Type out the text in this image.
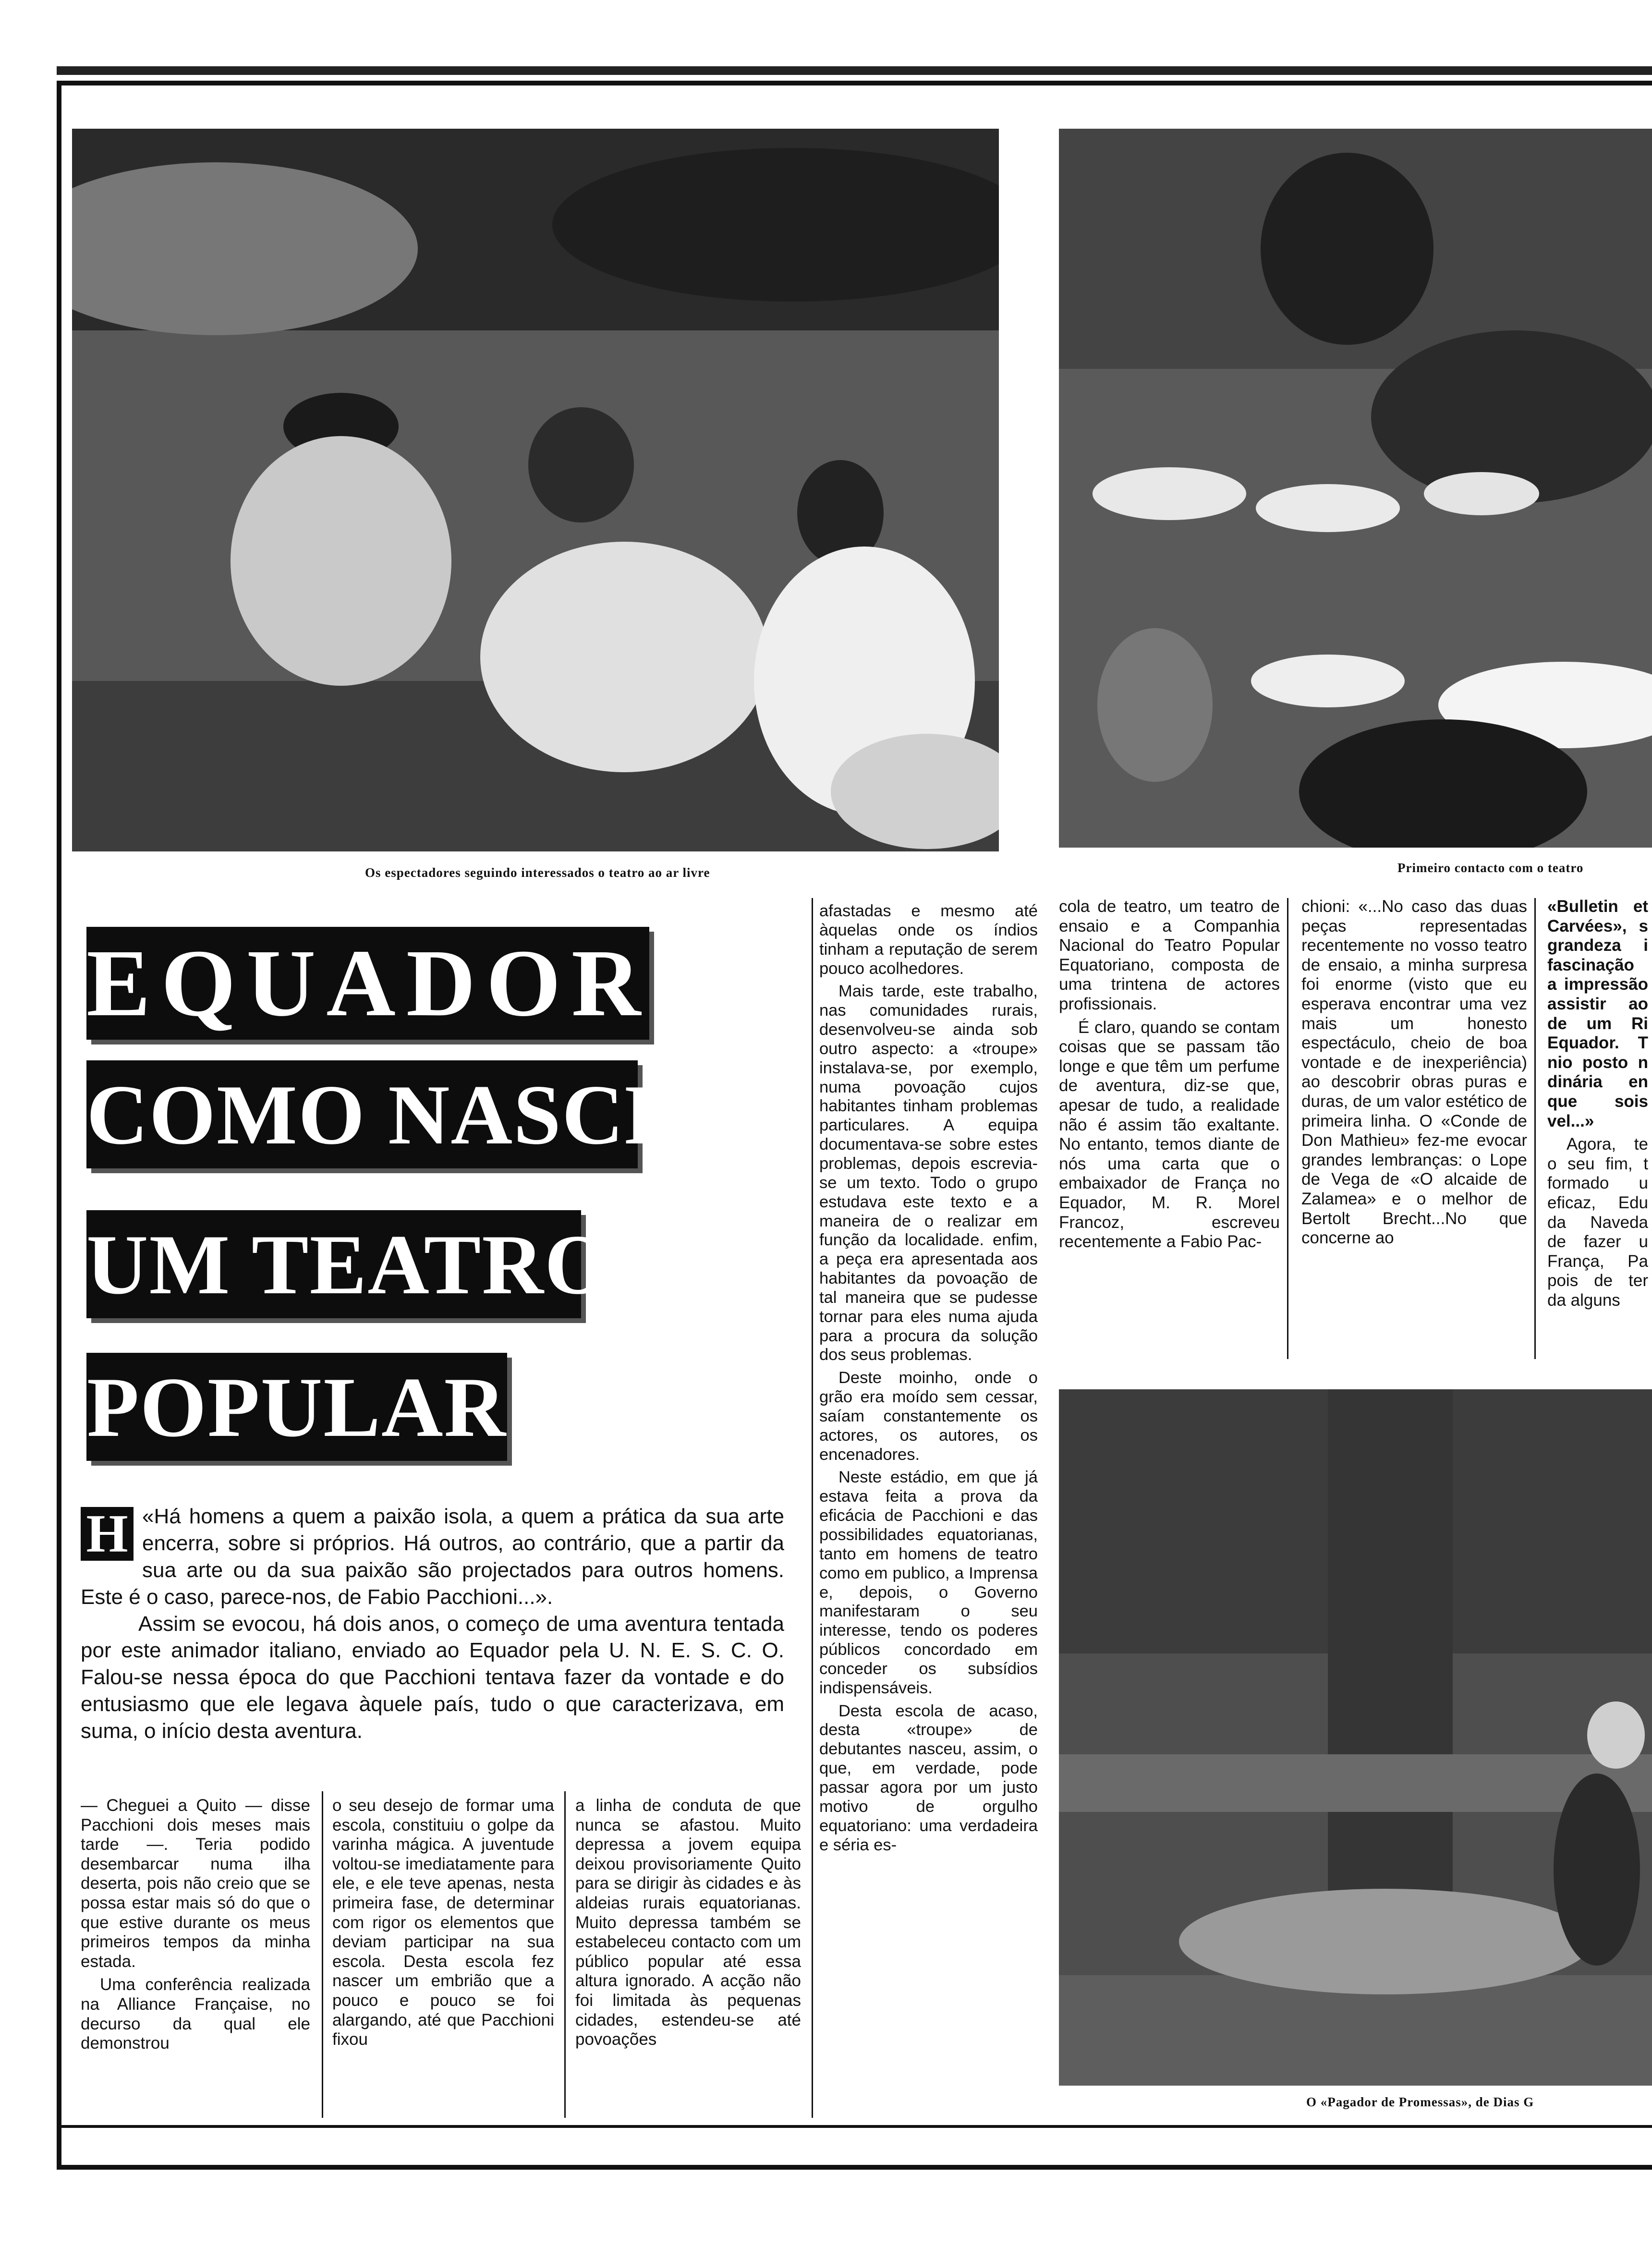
Os espectadores seguindo interessados o teatro ao ar livre	Primeiro contacto com o teatro
O «Pagador de Promessas», de Dias G
EQUADOR:
COMO NASCE
UM TEATRO
POPULAR
H «Há homens a quem a paixão isola, a quem a prática da sua arte encerra, sobre si próprios. Há outros, ao contrário, que a partir da sua arte ou da sua paixão são projectados para outros homens. Este é o caso, parece-nos, de Fabio Pacchioni...».

Assim se evocou, há dois anos, o começo de uma aventura tentada por este animador italiano, enviado ao Equador pela U. N. E. S. C. O. Falou-se nessa época do que Pacchioni tentava fazer da vontade e do entusiasmo que ele legava àquele país, tudo o que caracterizava, em suma, o início desta aventura.

— Cheguei a Quito — disse Pacchioni dois meses mais tarde —. Teria podido desembarcar numa ilha deserta, pois não creio que se possa estar mais só do que o que estive durante os meus primeiros tempos da minha estada.

Uma conferência realizada na Alliance Française, no decurso da qual ele demonstrou

o seu desejo de formar uma escola, constituiu o golpe da varinha mágica. A juventude voltou-se imediatamente para ele, e ele teve apenas, nesta primeira fase, de determinar com rigor os elementos que deviam participar na sua escola. Desta escola fez nascer um embrião que a pouco e pouco se foi alargando, até que Pacchioni fixou

a linha de conduta de que nunca se afastou. Muito depressa a jovem equipa deixou provisoriamente Quito para se dirigir às cidades e às aldeias rurais equatorianas. Muito depressa também se estabeleceu contacto com um público popular até essa altura ignorado. A acção não foi limitada às pequenas cidades, estendeu-se até povoações

afastadas e mesmo até àquelas onde os índios tinham a reputação de serem pouco acolhedores.

Mais tarde, este trabalho, nas comunidades rurais, desenvolveu-se ainda sob outro aspecto: a «troupe» instalava-se, por exemplo, numa povoação cujos habitantes tinham problemas particulares. A equipa documentava-se sobre estes problemas, depois escrevia-se um texto. Todo o grupo estudava este texto e a maneira de o realizar em função da localidade. enfim, a peça era apresentada aos habitantes da povoação de tal maneira que se pudesse tornar para eles numa ajuda para a procura da solução dos seus problemas.

Deste moinho, onde o grão era moído sem cessar, saíam constantemente os actores, os autores, os encenadores.

Neste estádio, em que já estava feita a prova da eficácia de Pacchioni e das possibilidades equatorianas, tanto em homens de teatro como em publico, a Imprensa e, depois, o Governo manifestaram o seu interesse, tendo os poderes públicos concordado em conceder os subsídios indispensáveis.

Desta escola de acaso, desta «troupe» de debutantes nasceu, assim, o que, em verdade, pode passar agora por um justo motivo de orgulho equatoriano: uma verdadeira e séria es-

cola de teatro, um teatro de ensaio e a Companhia Nacional do Teatro Popular Equatoriano, composta de uma trintena de actores profissionais.

É claro, quando se contam coisas que se passam tão longe e que têm um perfume de aventura, diz-se que, apesar de tudo, a realidade não é assim tão exaltante. No entanto, temos diante de nós uma carta que o embaixador de França no Equador, M. R. Morel Francoz, escreveu recentemente a Fabio Pac-

chioni: «...No caso das duas peças representadas recentemente no vosso teatro de ensaio, a minha surpresa foi enorme (visto que eu esperava encontrar uma vez mais um honesto espectáculo, cheio de boa vontade e de inexperiência) ao descobrir obras puras e duras, de um valor estético de primeira linha. O «Conde de Don Mathieu» fez-me evocar grandes lembranças: o Lope de Vega de «O alcaide de Zalamea» e o melhor de Bertolt Brecht...No que concerne ao

«Bulletin et Carvées», s grandeza i fascinação a impressão assistir ao de um Ri Equador. T nio posto n dinária en que sois vel...»

Agora, te o seu fim, t formado u eficaz, Edu da Naveda de fazer u França, Pa pois de ter da alguns
